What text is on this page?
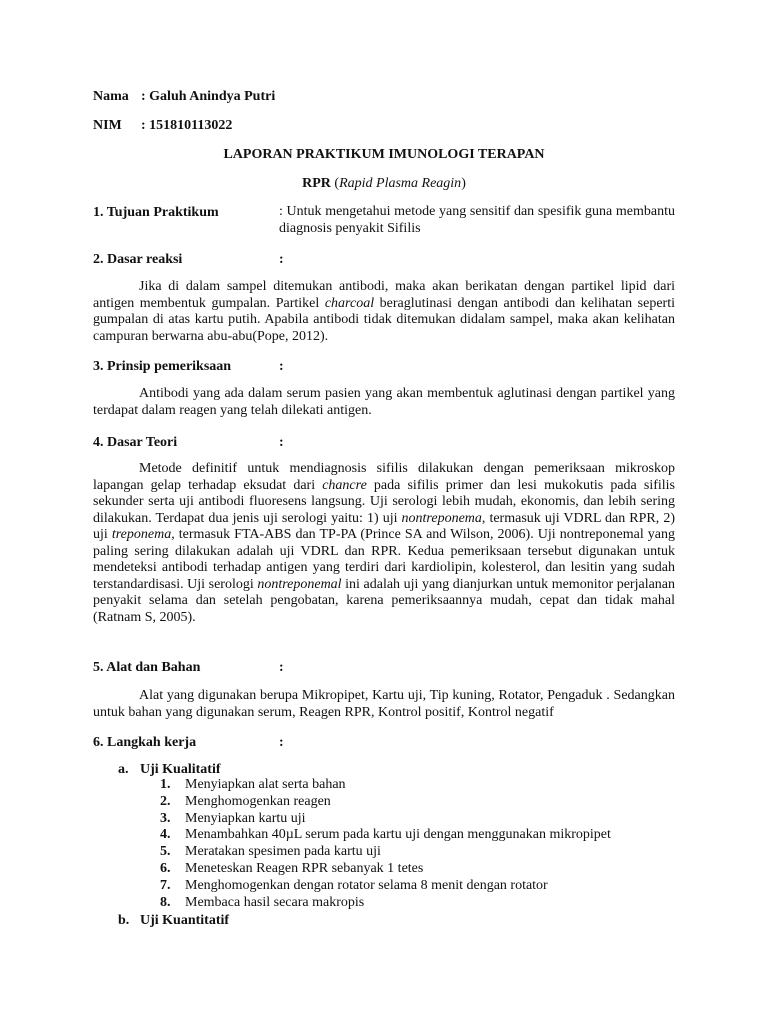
Nama : Galuh Anindya Putri
NIM : 151810113022
LAPORAN PRAKTIKUM IMUNOLOGI TERAPAN
RPR (Rapid Plasma Reagin)
1. Tujuan Praktikum	: Untuk mengetahui metode yang sensitif dan spesifik guna membantu diagnosis penyakit Sifilis
2. Dasar reaksi	:

Jika di dalam sampel ditemukan antibodi, maka akan berikatan dengan partikel lipid dari antigen membentuk gumpalan. Partikel charcoal beraglutinasi dengan antibodi dan kelihatan seperti gumpalan di atas kartu putih. Apabila antibodi tidak ditemukan didalam sampel, maka akan kelihatan campuran berwarna abu-abu(Pope, 2012).

3. Prinsip pemeriksaan	:

Antibodi yang ada dalam serum pasien yang akan membentuk aglutinasi dengan partikel yang terdapat dalam reagen yang telah dilekati antigen.

4. Dasar Teori	:

Metode definitif untuk mendiagnosis sifilis dilakukan dengan pemeriksaan mikroskop lapangan gelap terhadap eksudat dari chancre pada sifilis primer dan lesi mukokutis pada sifilis sekunder serta uji antibodi fluoresens langsung. Uji serologi lebih mudah, ekonomis, dan lebih sering dilakukan. Terdapat dua jenis uji serologi yaitu: 1) uji nontreponema, termasuk uji VDRL dan RPR, 2) uji treponema, termasuk FTA-ABS dan TP-PA (Prince SA and Wilson, 2006). Uji nontreponemal yang paling sering dilakukan adalah uji VDRL dan RPR. Kedua pemeriksaan tersebut digunakan untuk mendeteksi antibodi terhadap antigen yang terdiri dari kardiolipin, kolesterol, dan lesitin yang sudah terstandardisasi. Uji serologi nontreponemal ini adalah uji yang dianjurkan untuk memonitor perjalanan penyakit selama dan setelah pengobatan, karena pemeriksaannya mudah, cepat dan tidak mahal (Ratnam S, 2005).

5. Alat dan Bahan	:

Alat yang digunakan berupa Mikropipet, Kartu uji, Tip kuning, Rotator, Pengaduk . Sedangkan untuk bahan yang digunakan serum, Reagen RPR, Kontrol positif, Kontrol negatif

6. Langkah kerja	:
a. Uji Kualitatif
1.	Menyiapkan alat serta bahan
2.	Menghomogenkan reagen
3.	Menyiapkan kartu uji
4.	Menambahkan 40µL serum pada kartu uji dengan menggunakan mikropipet
5.	Meratakan spesimen pada kartu uji
6.	Meneteskan Reagen RPR sebanyak 1 tetes
7.	Menghomogenkan dengan rotator selama 8 menit dengan rotator
8.	Membaca hasil secara makropis
b. Uji Kuantitatif
